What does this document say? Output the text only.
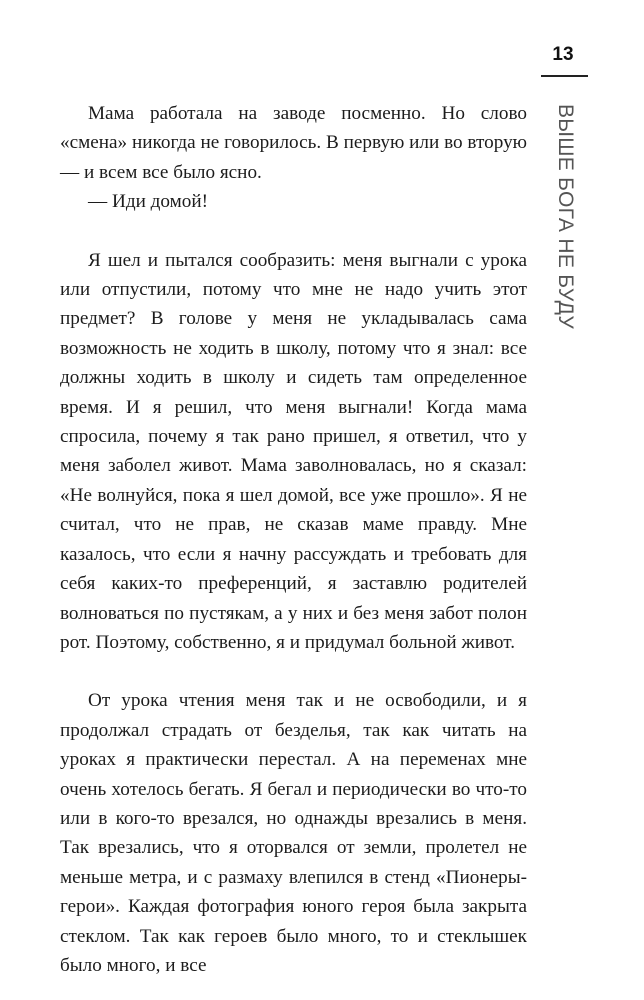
13
ВЫШЕ БОГА НЕ БУДУ

Мама работала на заводе посменно. Но слово «смена» никогда не говорилось. В первую или во вторую — и всем все было ясно.

— Иди домой!

Я шел и пытался сообразить: меня выгнали с урока или отпустили, потому что мне не надо учить этот предмет? В голове у меня не укладывалась сама возможность не ходить в школу, потому что я знал: все должны ходить в школу и сидеть там определенное время. И я решил, что меня выгнали! Когда мама спросила, почему я так рано пришел, я ответил, что у меня заболел живот. Мама заволновалась, но я сказал: «Не волнуйся, пока я шел домой, все уже прошло». Я не считал, что не прав, не сказав маме правду. Мне казалось, что если я начну рассуждать и требовать для себя каких-то преференций, я заставлю родителей волноваться по пустякам, а у них и без меня забот полон рот. Поэтому, собственно, я и придумал больной живот.

От урока чтения меня так и не освободили, и я продолжал страдать от безделья, так как читать на уроках я практически перестал. А на переменах мне очень хотелось бегать. Я бегал и периодически во что-то или в кого-то врезался, но однажды врезались в меня. Так врезались, что я оторвался от земли, пролетел не меньше метра, и с размаху влепился в стенд «Пионеры-герои». Каждая фотография юного героя была закрыта стеклом. Так как героев было много, то и стеклышек было много, и все
